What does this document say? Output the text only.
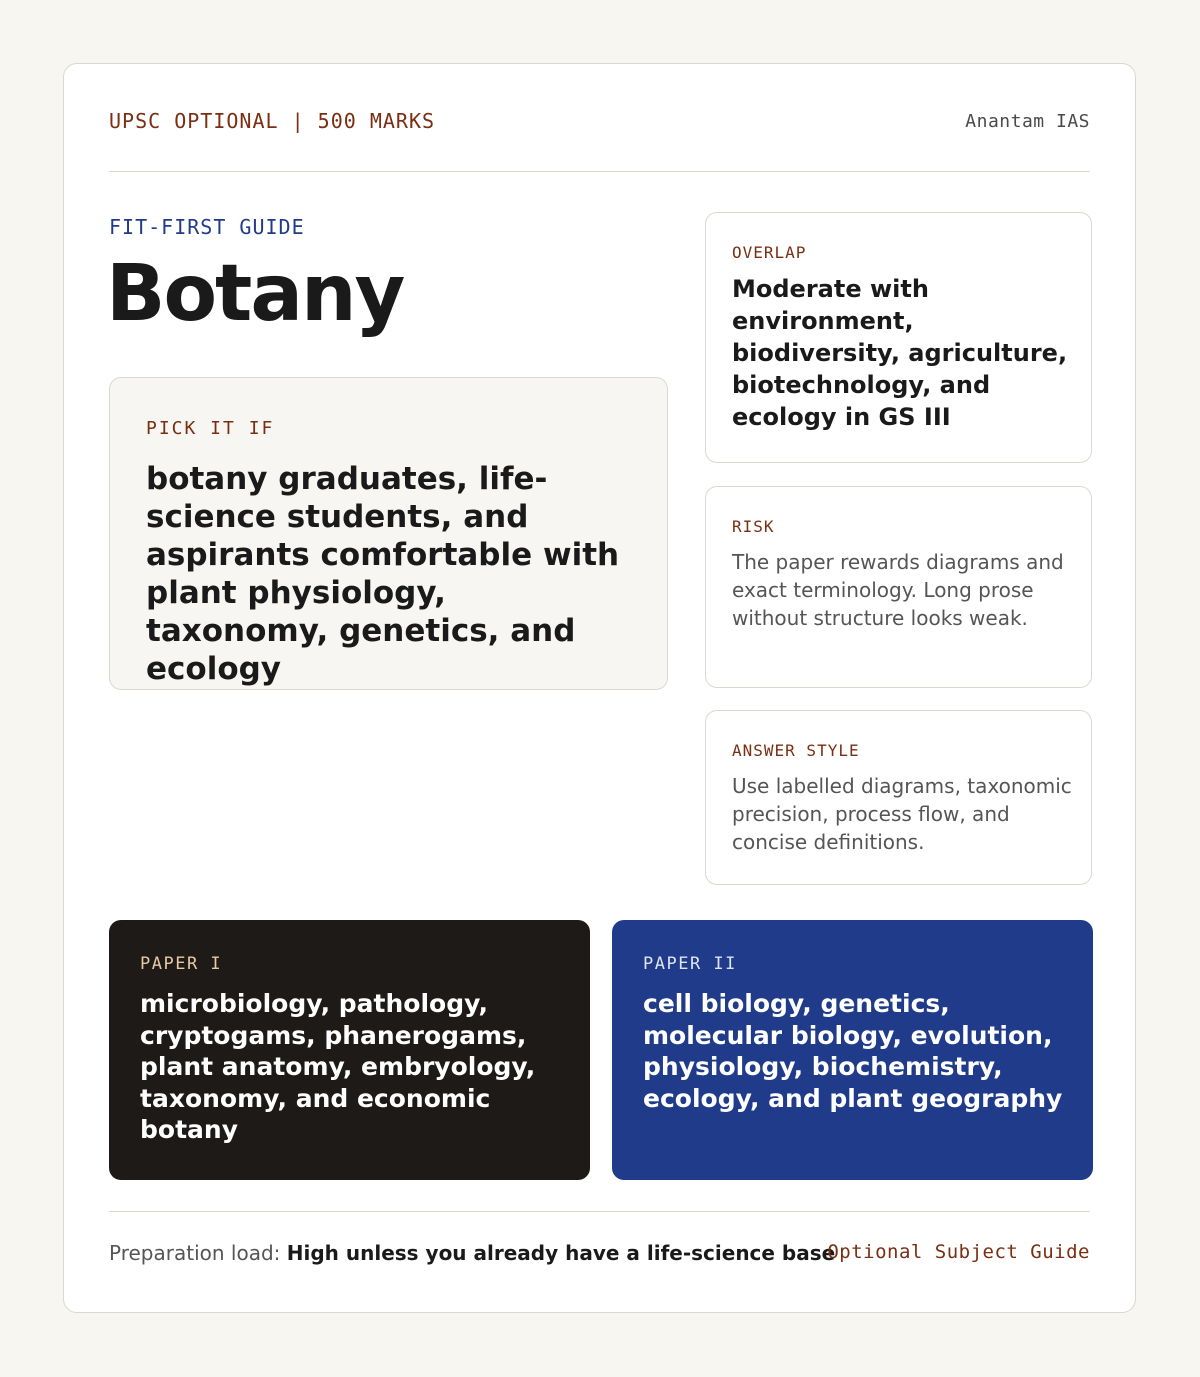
UPSC OPTIONAL | 500 MARKS	Anantam IAS
FIT-FIRST GUIDE
Botany
PICK IT IF
botany graduates, life-science students, and aspirants comfortable with plant physiology, taxonomy, genetics, and ecology
OVERLAP
Moderate with environment, biodiversity, agriculture, biotechnology, and ecology in GS III
RISK
The paper rewards diagrams and exact terminology. Long prose without structure looks weak.
ANSWER STYLE
Use labelled diagrams, taxonomic precision, process flow, and concise definitions.
PAPER I
microbiology, pathology, cryptogams, phanerogams, plant anatomy, embryology, taxonomy, and economic botany
PAPER II
cell biology, genetics, molecular biology, evolution, physiology, biochemistry, ecology, and plant geography
Preparation load: High unless you already have a life-science base
Optional Subject Guide
